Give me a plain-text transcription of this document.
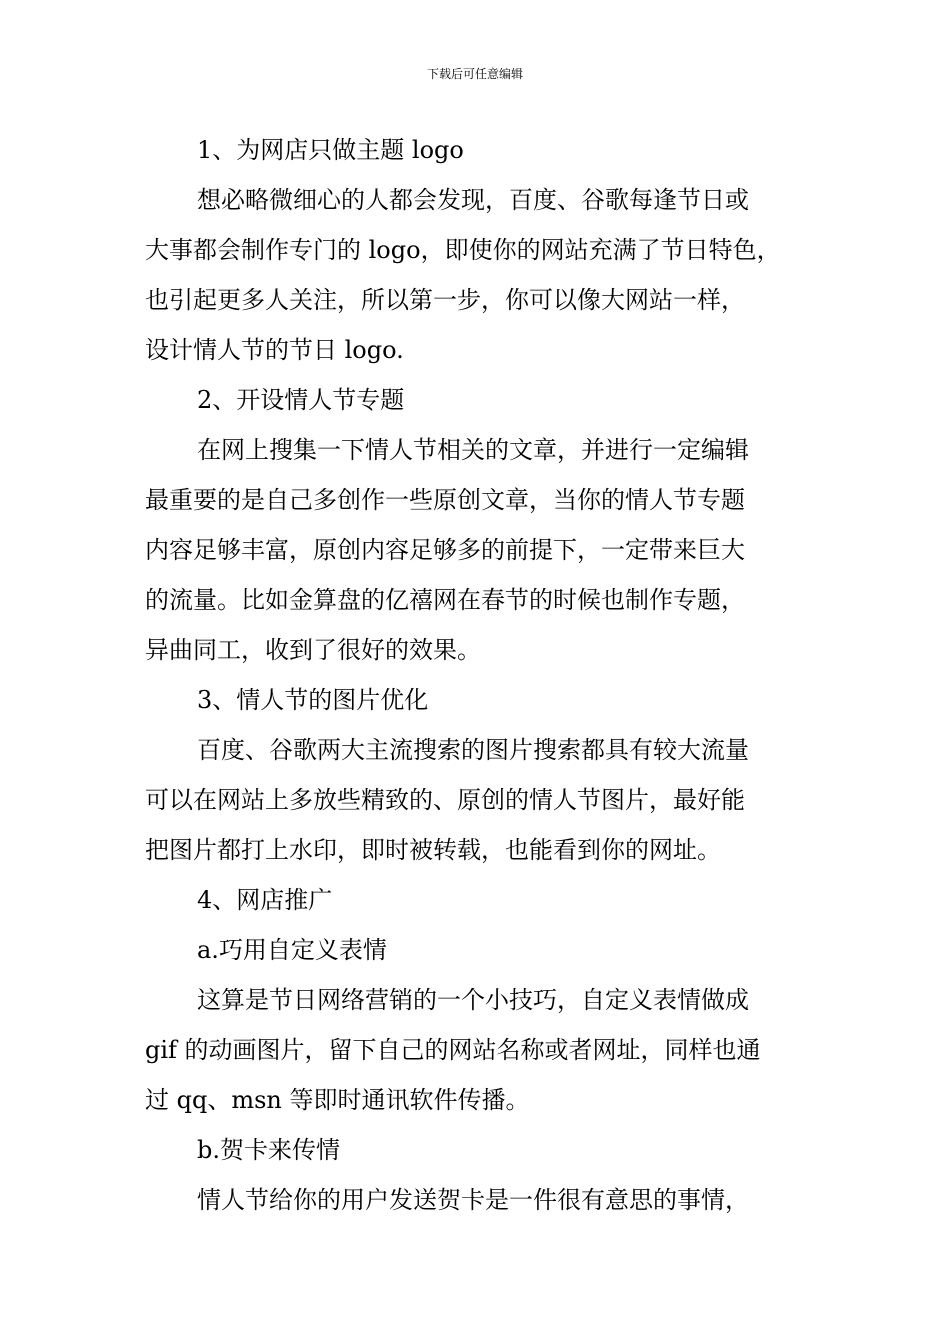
下载后可任意编辑
1、为网店只做主题 logo
想必略微细心的人都会发现，百度、谷歌每逢节日或
大事都会制作专门的 logo，即使你的网站充满了节日特色，
也引起更多人关注，所以第一步，你可以像大网站一样，
设计情人节的节日 logo.
2、开设情人节专题
在网上搜集一下情人节相关的文章，并进行一定编辑
最重要的是自己多创作一些原创文章，当你的情人节专题
内容足够丰富，原创内容足够多的前提下，一定带来巨大
的流量。比如金算盘的亿禧网在春节的时候也制作专题，
异曲同工，收到了很好的效果。
3、情人节的图片优化
百度、谷歌两大主流搜索的图片搜索都具有较大流量
可以在网站上多放些精致的、原创的情人节图片，最好能
把图片都打上水印，即时被转载，也能看到你的网址。
4、网店推广
a.巧用自定义表情
这算是节日网络营销的一个小技巧，自定义表情做成
gif 的动画图片，留下自己的网站名称或者网址，同样也通
过 qq、msn 等即时通讯软件传播。
b.贺卡来传情
情人节给你的用户发送贺卡是一件很有意思的事情，
